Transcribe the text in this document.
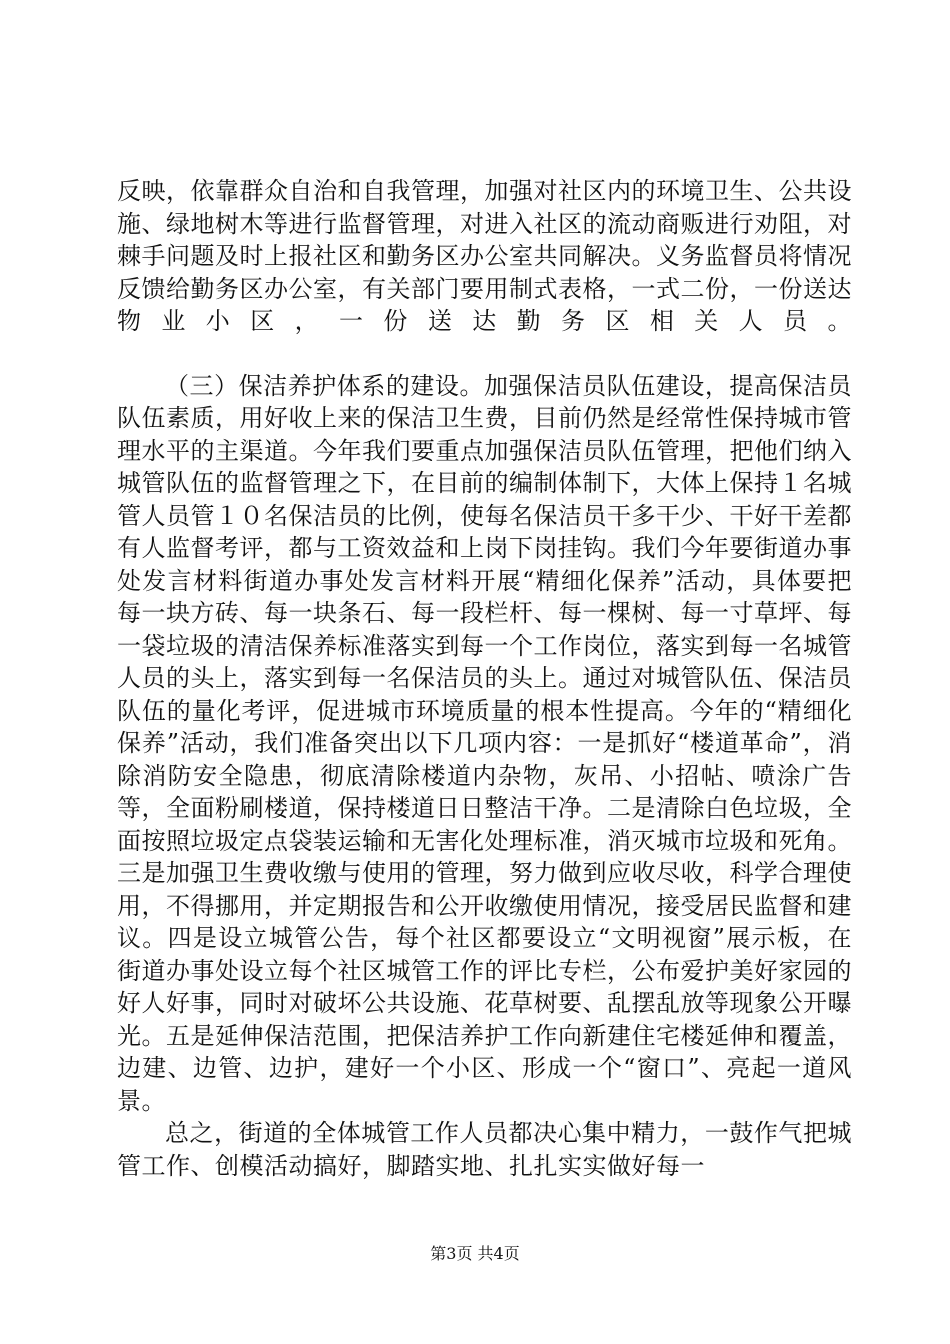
反映，依靠群众自治和自我管理，加强对社区内的环境卫生、公共设施、绿地树木等进行监督管理，对进入社区的流动商贩进行劝阻，对棘手问题及时上报社区和勤务区办公室共同解决。义务监督员将情况反馈给勤务区办公室，有关部门要用制式表格，一式二份，一份送达物业小区，一份送达勤务区相关人员。

（三）保洁养护体系的建设。加强保洁员队伍建设，提高保洁员队伍素质，用好收上来的保洁卫生费，目前仍然是经常性保持城市管理水平的主渠道。今年我们要重点加强保洁员队伍管理，把他们纳入城管队伍的监督管理之下，在目前的编制体制下，大体上保持１名城管人员管１０名保洁员的比例，使每名保洁员干多干少、干好干差都有人监督考评，都与工资效益和上岗下岗挂钩。我们今年要街道办事处发言材料街道办事处发言材料开展“精细化保养”活动，具体要把每一块方砖、每一块条石、每一段栏杆、每一棵树、每一寸草坪、每一袋垃圾的清洁保养标准落实到每一个工作岗位，落实到每一名城管人员的头上，落实到每一名保洁员的头上。通过对城管队伍、保洁员队伍的量化考评，促进城市环境质量的根本性提高。今年的“精细化保养”活动，我们准备突出以下几项内容：一是抓好“楼道革命”，消除消防安全隐患，彻底清除楼道内杂物，灰吊、小招帖、喷涂广告等，全面粉刷楼道，保持楼道日日整洁干净。二是清除白色垃圾，全面按照垃圾定点袋装运输和无害化处理标准，消灭城市垃圾和死角。三是加强卫生费收缴与使用的管理，努力做到应收尽收，科学合理使用，不得挪用，并定期报告和公开收缴使用情况，接受居民监督和建议。四是设立城管公告，每个社区都要设立“文明视窗”展示板，在街道办事处设立每个社区城管工作的评比专栏，公布爱护美好家园的好人好事，同时对破坏公共设施、花草树要、乱摆乱放等现象公开曝光。五是延伸保洁范围，把保洁养护工作向新建住宅楼延伸和覆盖，边建、边管、边护，建好一个小区、形成一个“窗口”、亮起一道风景。

总之，街道的全体城管工作人员都决心集中精力，一鼓作气把城管工作、创模活动搞好，脚踏实地、扎扎实实做好每一

第3页 共4页
